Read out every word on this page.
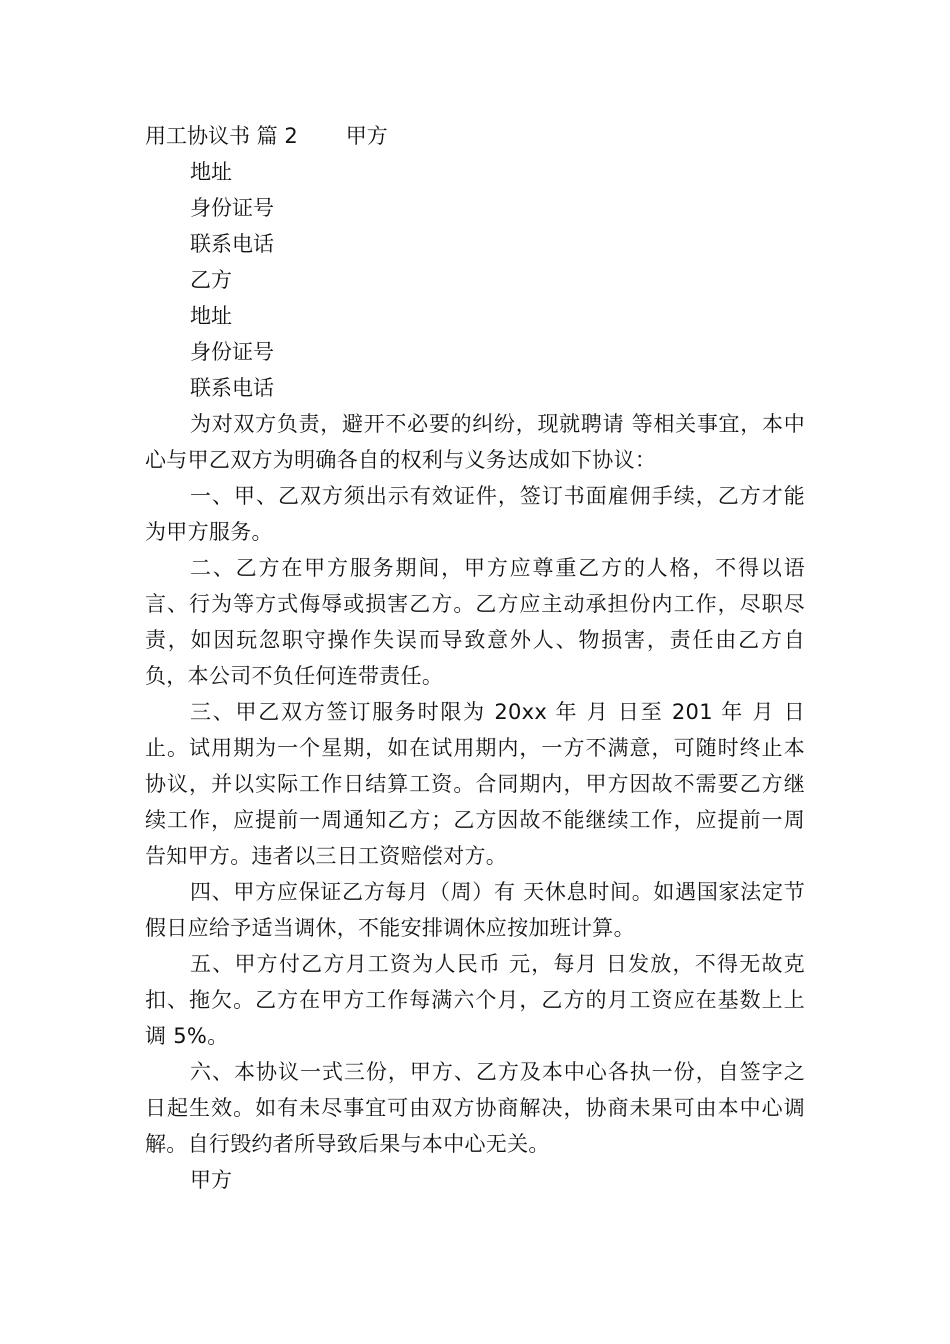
用工协议书 篇 2 甲方

地址

身份证号

联系电话

乙方

地址

身份证号

联系电话

为对双方负责，避开不必要的纠纷，现就聘请 等相关事宜，本中心与甲乙双方为明确各自的权利与义务达成如下协议：

一、甲、乙双方须出示有效证件，签订书面雇佣手续，乙方才能为甲方服务。

二、乙方在甲方服务期间，甲方应尊重乙方的人格，不得以语言、行为等方式侮辱或损害乙方。乙方应主动承担份内工作，尽职尽责，如因玩忽职守操作失误而导致意外人、物损害，责任由乙方自负，本公司不负任何连带责任。

三、甲乙双方签订服务时限为 20xx 年 月 日至 201 年 月 日止。试用期为一个星期，如在试用期内，一方不满意，可随时终止本协议，并以实际工作日结算工资。合同期内，甲方因故不需要乙方继续工作，应提前一周通知乙方；乙方因故不能继续工作，应提前一周告知甲方。违者以三日工资赔偿对方。

四、甲方应保证乙方每月（周）有 天休息时间。如遇国家法定节假日应给予适当调休，不能安排调休应按加班计算。

五、甲方付乙方月工资为人民币 元，每月 日发放，不得无故克扣、拖欠。乙方在甲方工作每满六个月，乙方的月工资应在基数上上调 5%。

六、本协议一式三份，甲方、乙方及本中心各执一份，自签字之日起生效。如有未尽事宜可由双方协商解决，协商未果可由本中心调解。自行毁约者所导致后果与本中心无关。

甲方
